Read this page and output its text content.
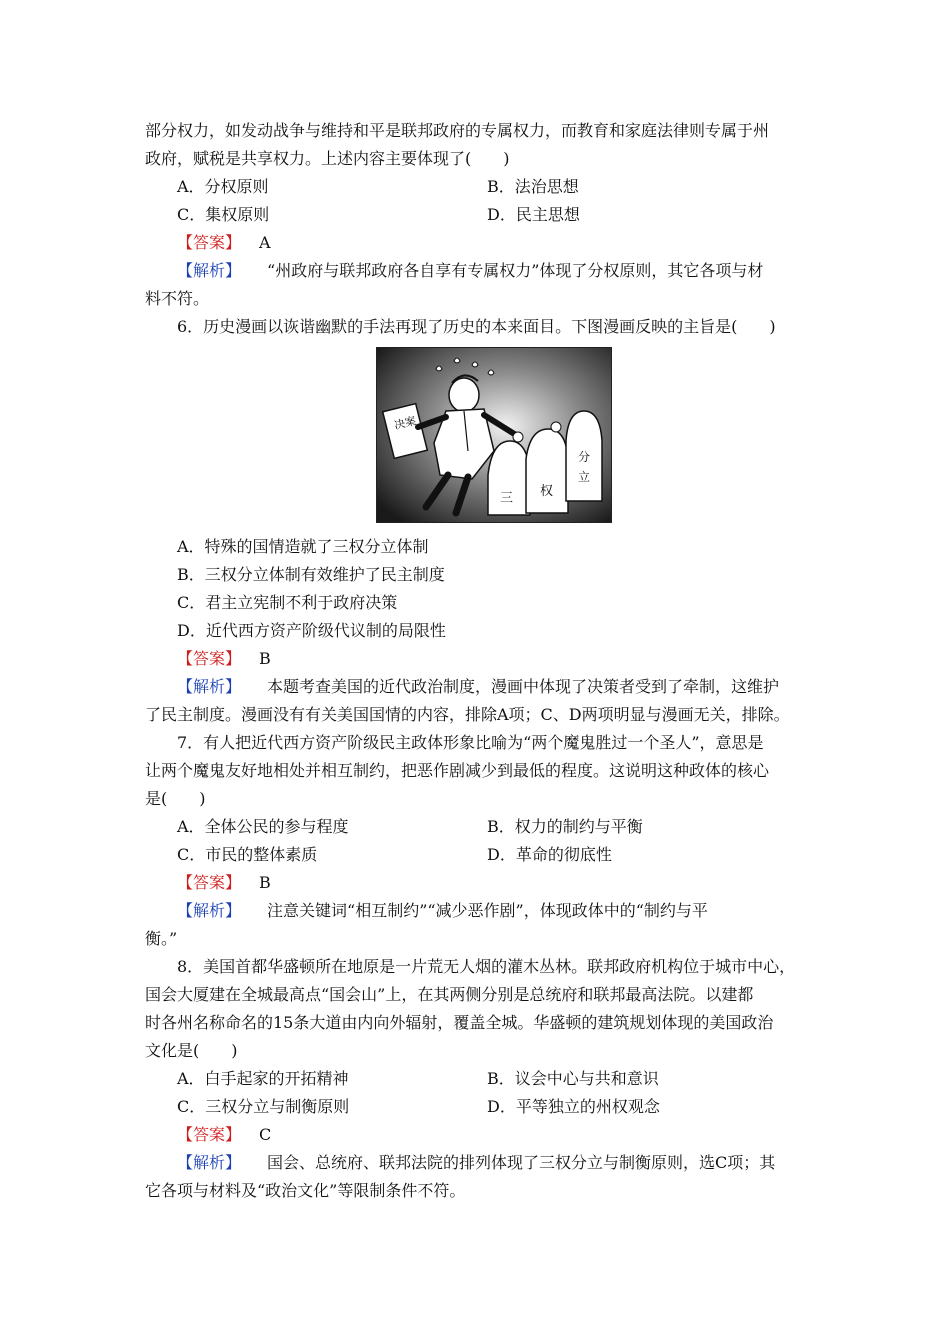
部分权力，如发动战争与维持和平是联邦政府的专属权力，而教育和家庭法律则专属于州
政府，赋税是共享权力。上述内容主要体现了(　　)
A．分权原则	B．法治思想
C．集权原则	D．民主思想
【答案】 A
【解析】 “州政府与联邦政府各自享有专属权力”体现了分权原则，其它各项与材
料不符。
6．历史漫画以诙谐幽默的手法再现了历史的本来面目。下图漫画反映的主旨是(　　)
决案
三 权
分
立
A．特殊的国情造就了三权分立体制
B．三权分立体制有效维护了民主制度
C．君主立宪制不利于政府决策
D．近代西方资产阶级代议制的局限性
【答案】 B
【解析】 本题考查美国的近代政治制度，漫画中体现了决策者受到了牵制，这维护
了民主制度。漫画没有有关美国国情的内容，排除A项；C、D两项明显与漫画无关，排除。
7．有人把近代西方资产阶级民主政体形象比喻为“两个魔鬼胜过一个圣人”，意思是
让两个魔鬼友好地相处并相互制约，把恶作剧减少到最低的程度。这说明这种政体的核心
是(　　)
A．全体公民的参与程度	B．权力的制约与平衡
C．市民的整体素质	D．革命的彻底性
【答案】 B
【解析】 注意关键词“相互制约”“减少恶作剧”，体现政体中的“制约与平
衡。”
8．美国首都华盛顿所在地原是一片荒无人烟的灌木丛林。联邦政府机构位于城市中心，
国会大厦建在全城最高点“国会山”上，在其两侧分别是总统府和联邦最高法院。以建都
时各州名称命名的15条大道由内向外辐射，覆盖全城。华盛顿的建筑规划体现的美国政治
文化是(　　)
A．白手起家的开拓精神	B．议会中心与共和意识
C．三权分立与制衡原则	D．平等独立的州权观念
【答案】 C
【解析】 国会、总统府、联邦法院的排列体现了三权分立与制衡原则，选C项；其
它各项与材料及“政治文化”等限制条件不符。
